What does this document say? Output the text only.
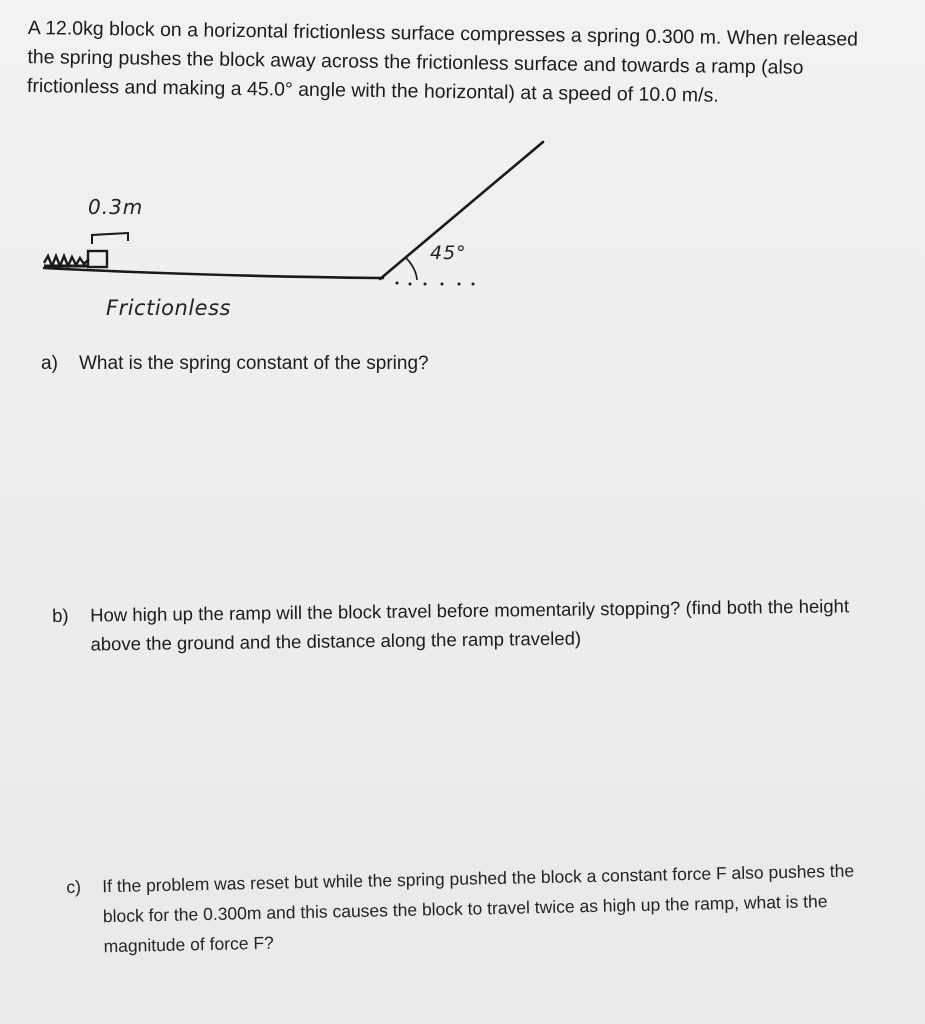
A 12.0kg block on a horizontal frictionless surface compresses a spring 0.300 m. When released the spring pushes the block away across the frictionless surface and towards a ramp (also frictionless and making a 45.0° angle with the horizontal) at a speed of 10.0 m/s.

0.3m
45°
Frictionless
a)	What is the spring constant of the spring?
b)	How high up the ramp will the block travel before momentarily stopping? (find both the height above the ground and the distance along the ramp traveled)
c)	If the problem was reset but while the spring pushed the block a constant force F also pushes the block for the 0.300m and this causes the block to travel twice as high up the ramp, what is the magnitude of force F?
